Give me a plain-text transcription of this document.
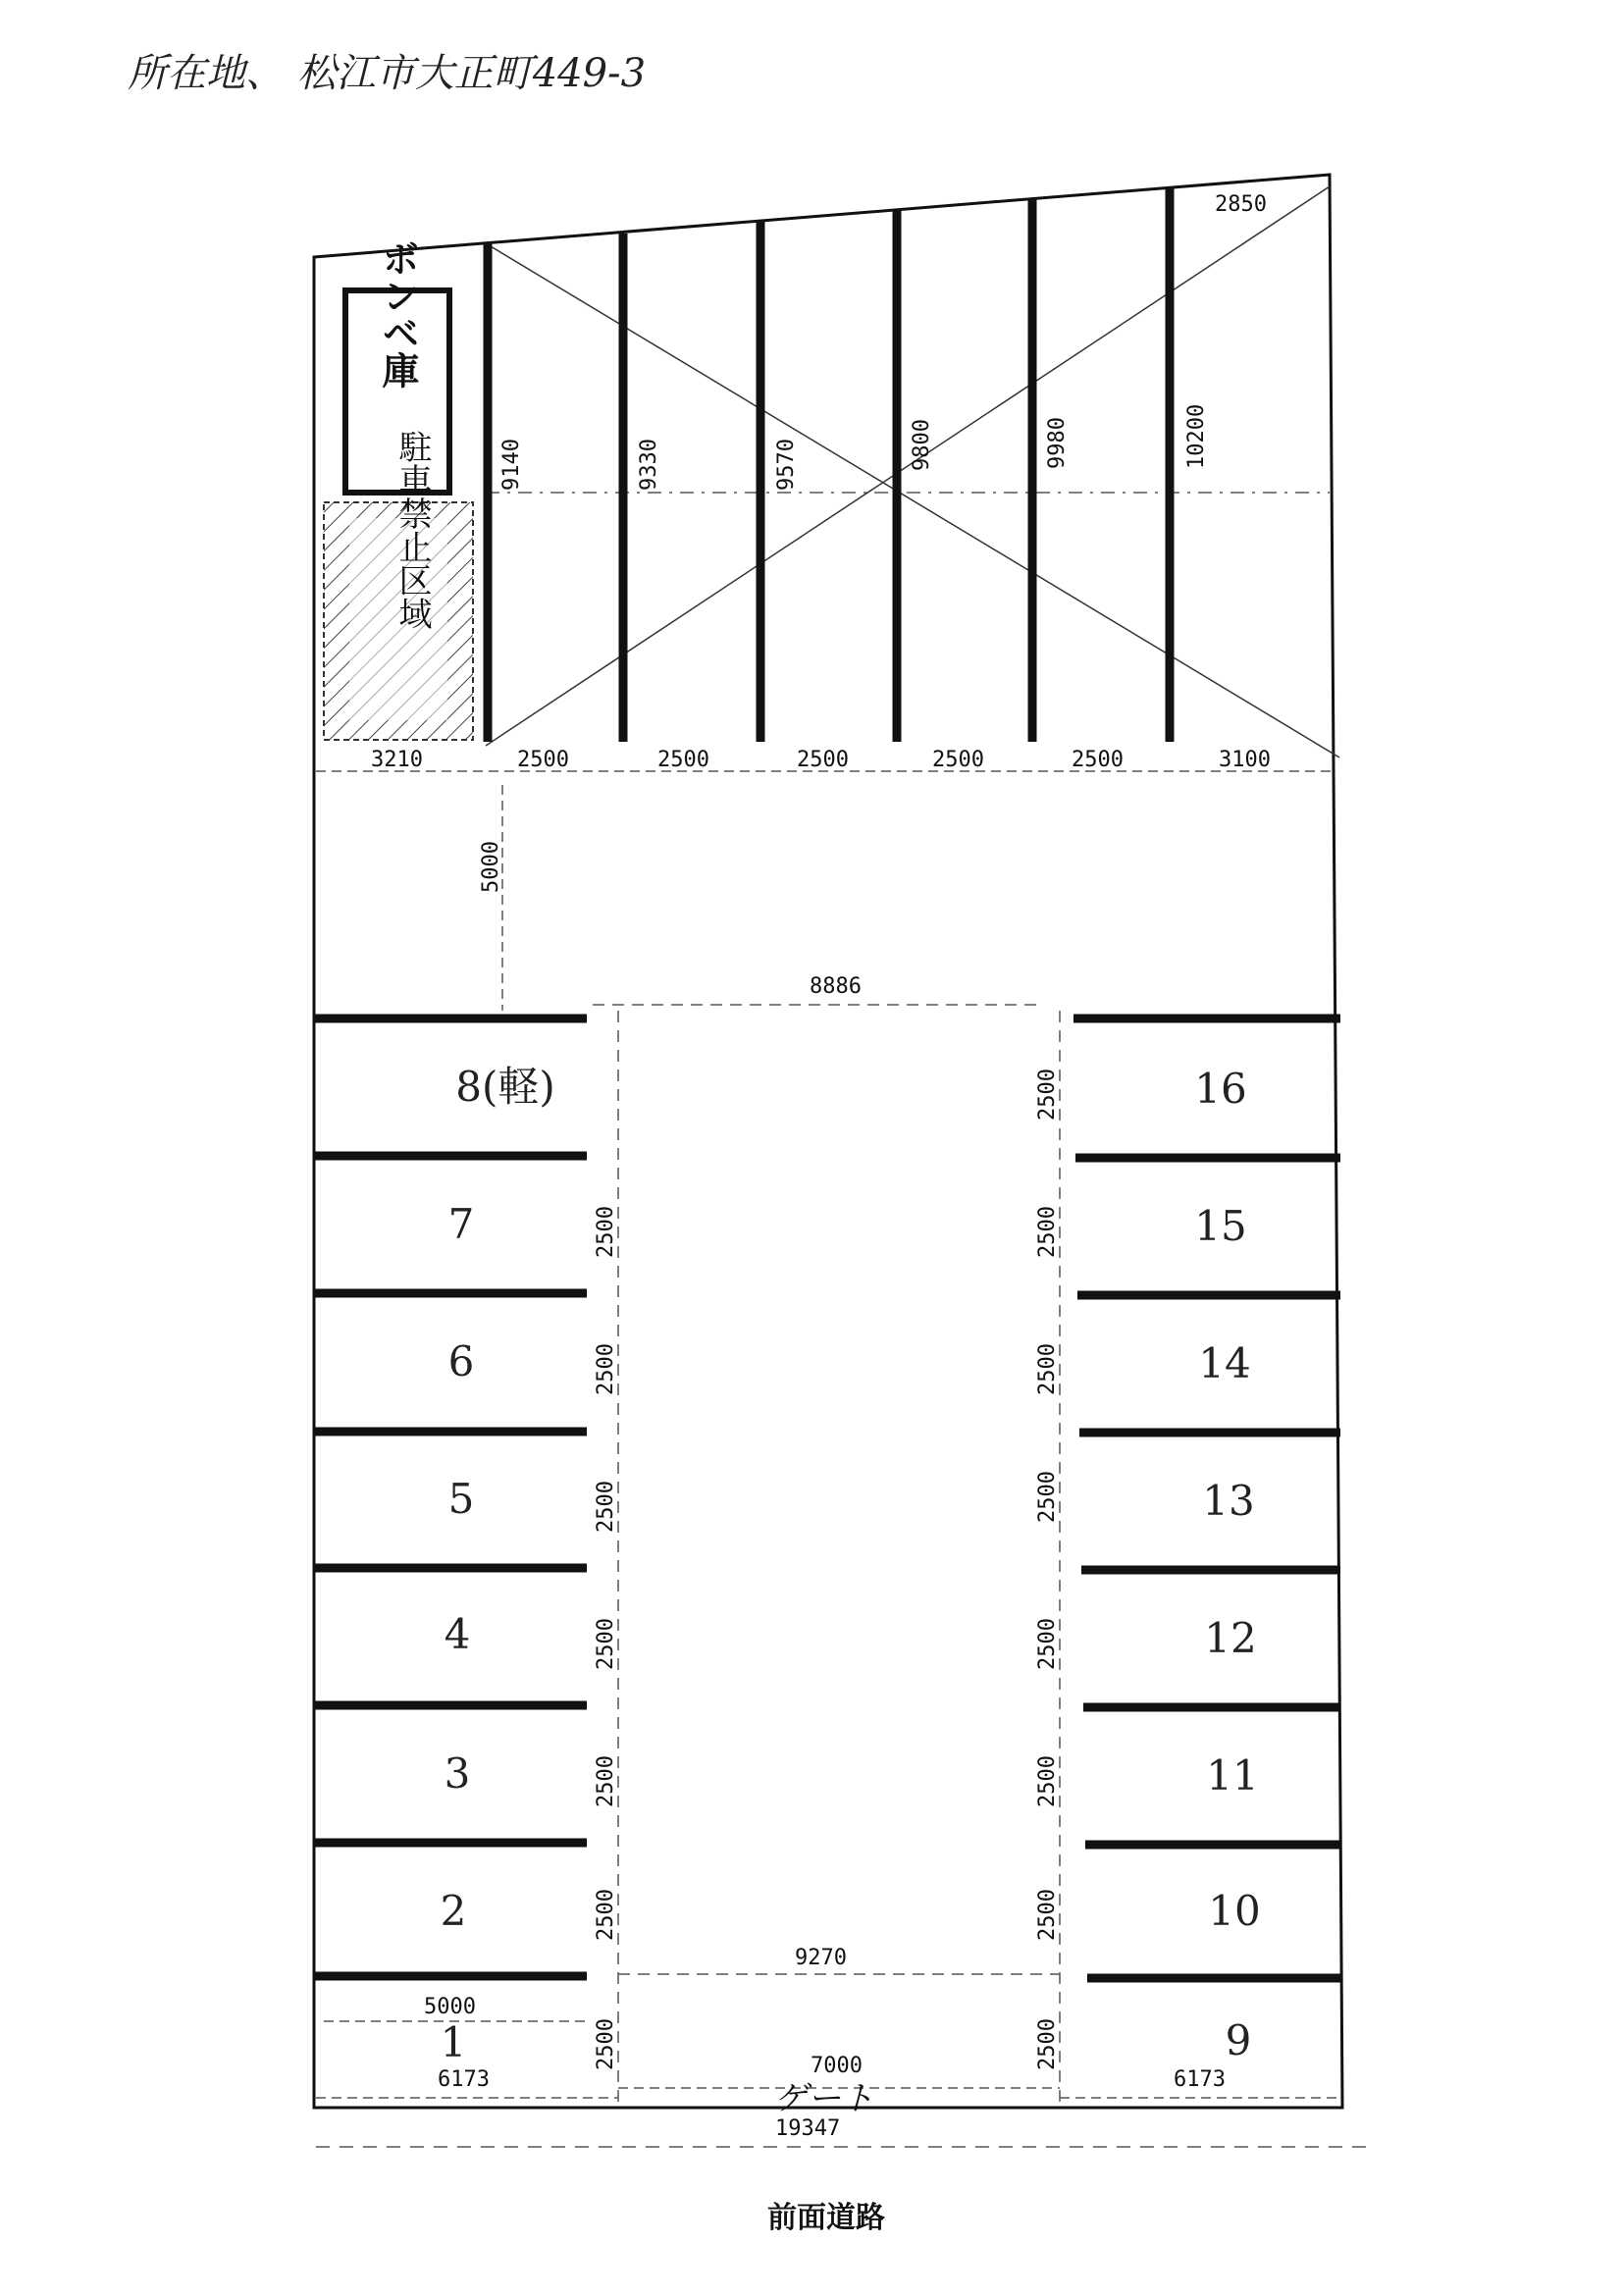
所在地、 松江市大正町449-3
ボンベ庫
駐車禁止区域	9140	9330	9570	9800	9980	10200
2850
3210	2500	2500	2500	2500	2500	3100
5000
8886
2500
2500
2500
2500
2500
2500
2500
2500
2500
2500
2500
2500
2500
2500
2500
8(軽)
7
6
5
4
3
2
1
16
15
14
13
12
11
10
9
9270
5000
6173	6173
7000
ゲート
19347
前面道路
